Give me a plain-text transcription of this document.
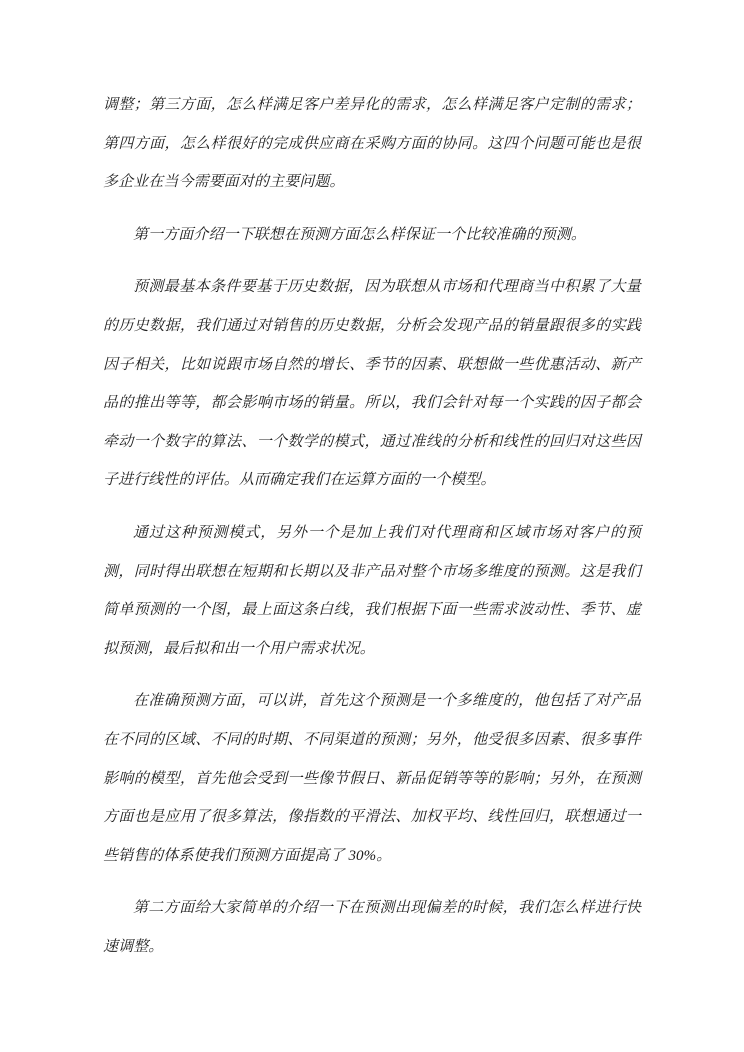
调整；第三方面，怎么样满足客户差异化的需求，怎么样满足客户定制的需求；第四方面，怎么样很好的完成供应商在采购方面的协同。这四个问题可能也是很多企业在当今需要面对的主要问题。

第一方面介绍一下联想在预测方面怎么样保证一个比较准确的预测。

预测最基本条件要基于历史数据，因为联想从市场和代理商当中积累了大量的历史数据，我们通过对销售的历史数据，分析会发现产品的销量跟很多的实践因子相关，比如说跟市场自然的增长、季节的因素、联想做一些优惠活动、新产品的推出等等，都会影响市场的销量。所以，我们会针对每一个实践的因子都会牵动一个数字的算法、一个数学的模式，通过准线的分析和线性的回归对这些因子进行线性的评估。从而确定我们在运算方面的一个模型。

通过这种预测模式，另外一个是加上我们对代理商和区域市场对客户的预测，同时得出联想在短期和长期以及非产品对整个市场多维度的预测。这是我们简单预测的一个图，最上面这条白线，我们根据下面一些需求波动性、季节、虚拟预测，最后拟和出一个用户需求状况。

在准确预测方面，可以讲，首先这个预测是一个多维度的，他包括了对产品在不同的区域、不同的时期、不同渠道的预测；另外，他受很多因素、很多事件影响的模型，首先他会受到一些像节假日、新品促销等等的影响；另外，在预测方面也是应用了很多算法，像指数的平滑法、加权平均、线性回归，联想通过一些销售的体系使我们预测方面提高了 30%。

第二方面给大家简单的介绍一下在预测出现偏差的时候，我们怎么样进行快速调整。
